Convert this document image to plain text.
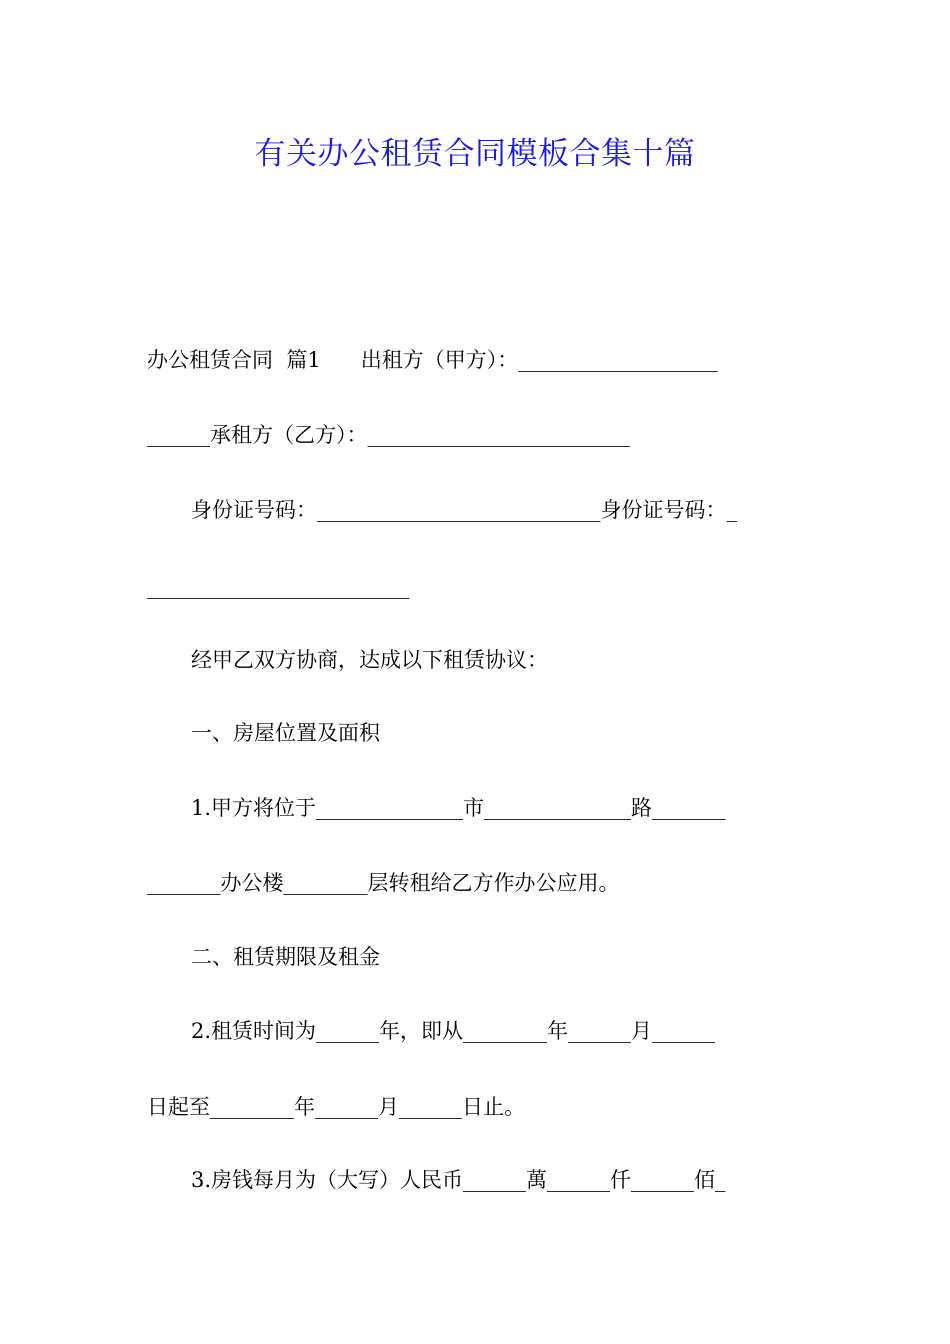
有关办公租赁合同模板合集十篇
办公租赁合同  篇1      出租方（甲方）：___________________
______承租方（乙方）：_________________________
身份证号码：___________________________身份证号码：_
_________________________
经甲乙双方协商，达成以下租赁协议：
一、房屋位置及面积
1.甲方将位于______________市______________路_______
_______办公楼________层转租给乙方作办公应用。
二、租赁期限及租金
2.租赁时间为______年，即从________年______月______
日起至________年______月______日止。
3.房钱每月为（大写）人民币______萬______仟______佰_
